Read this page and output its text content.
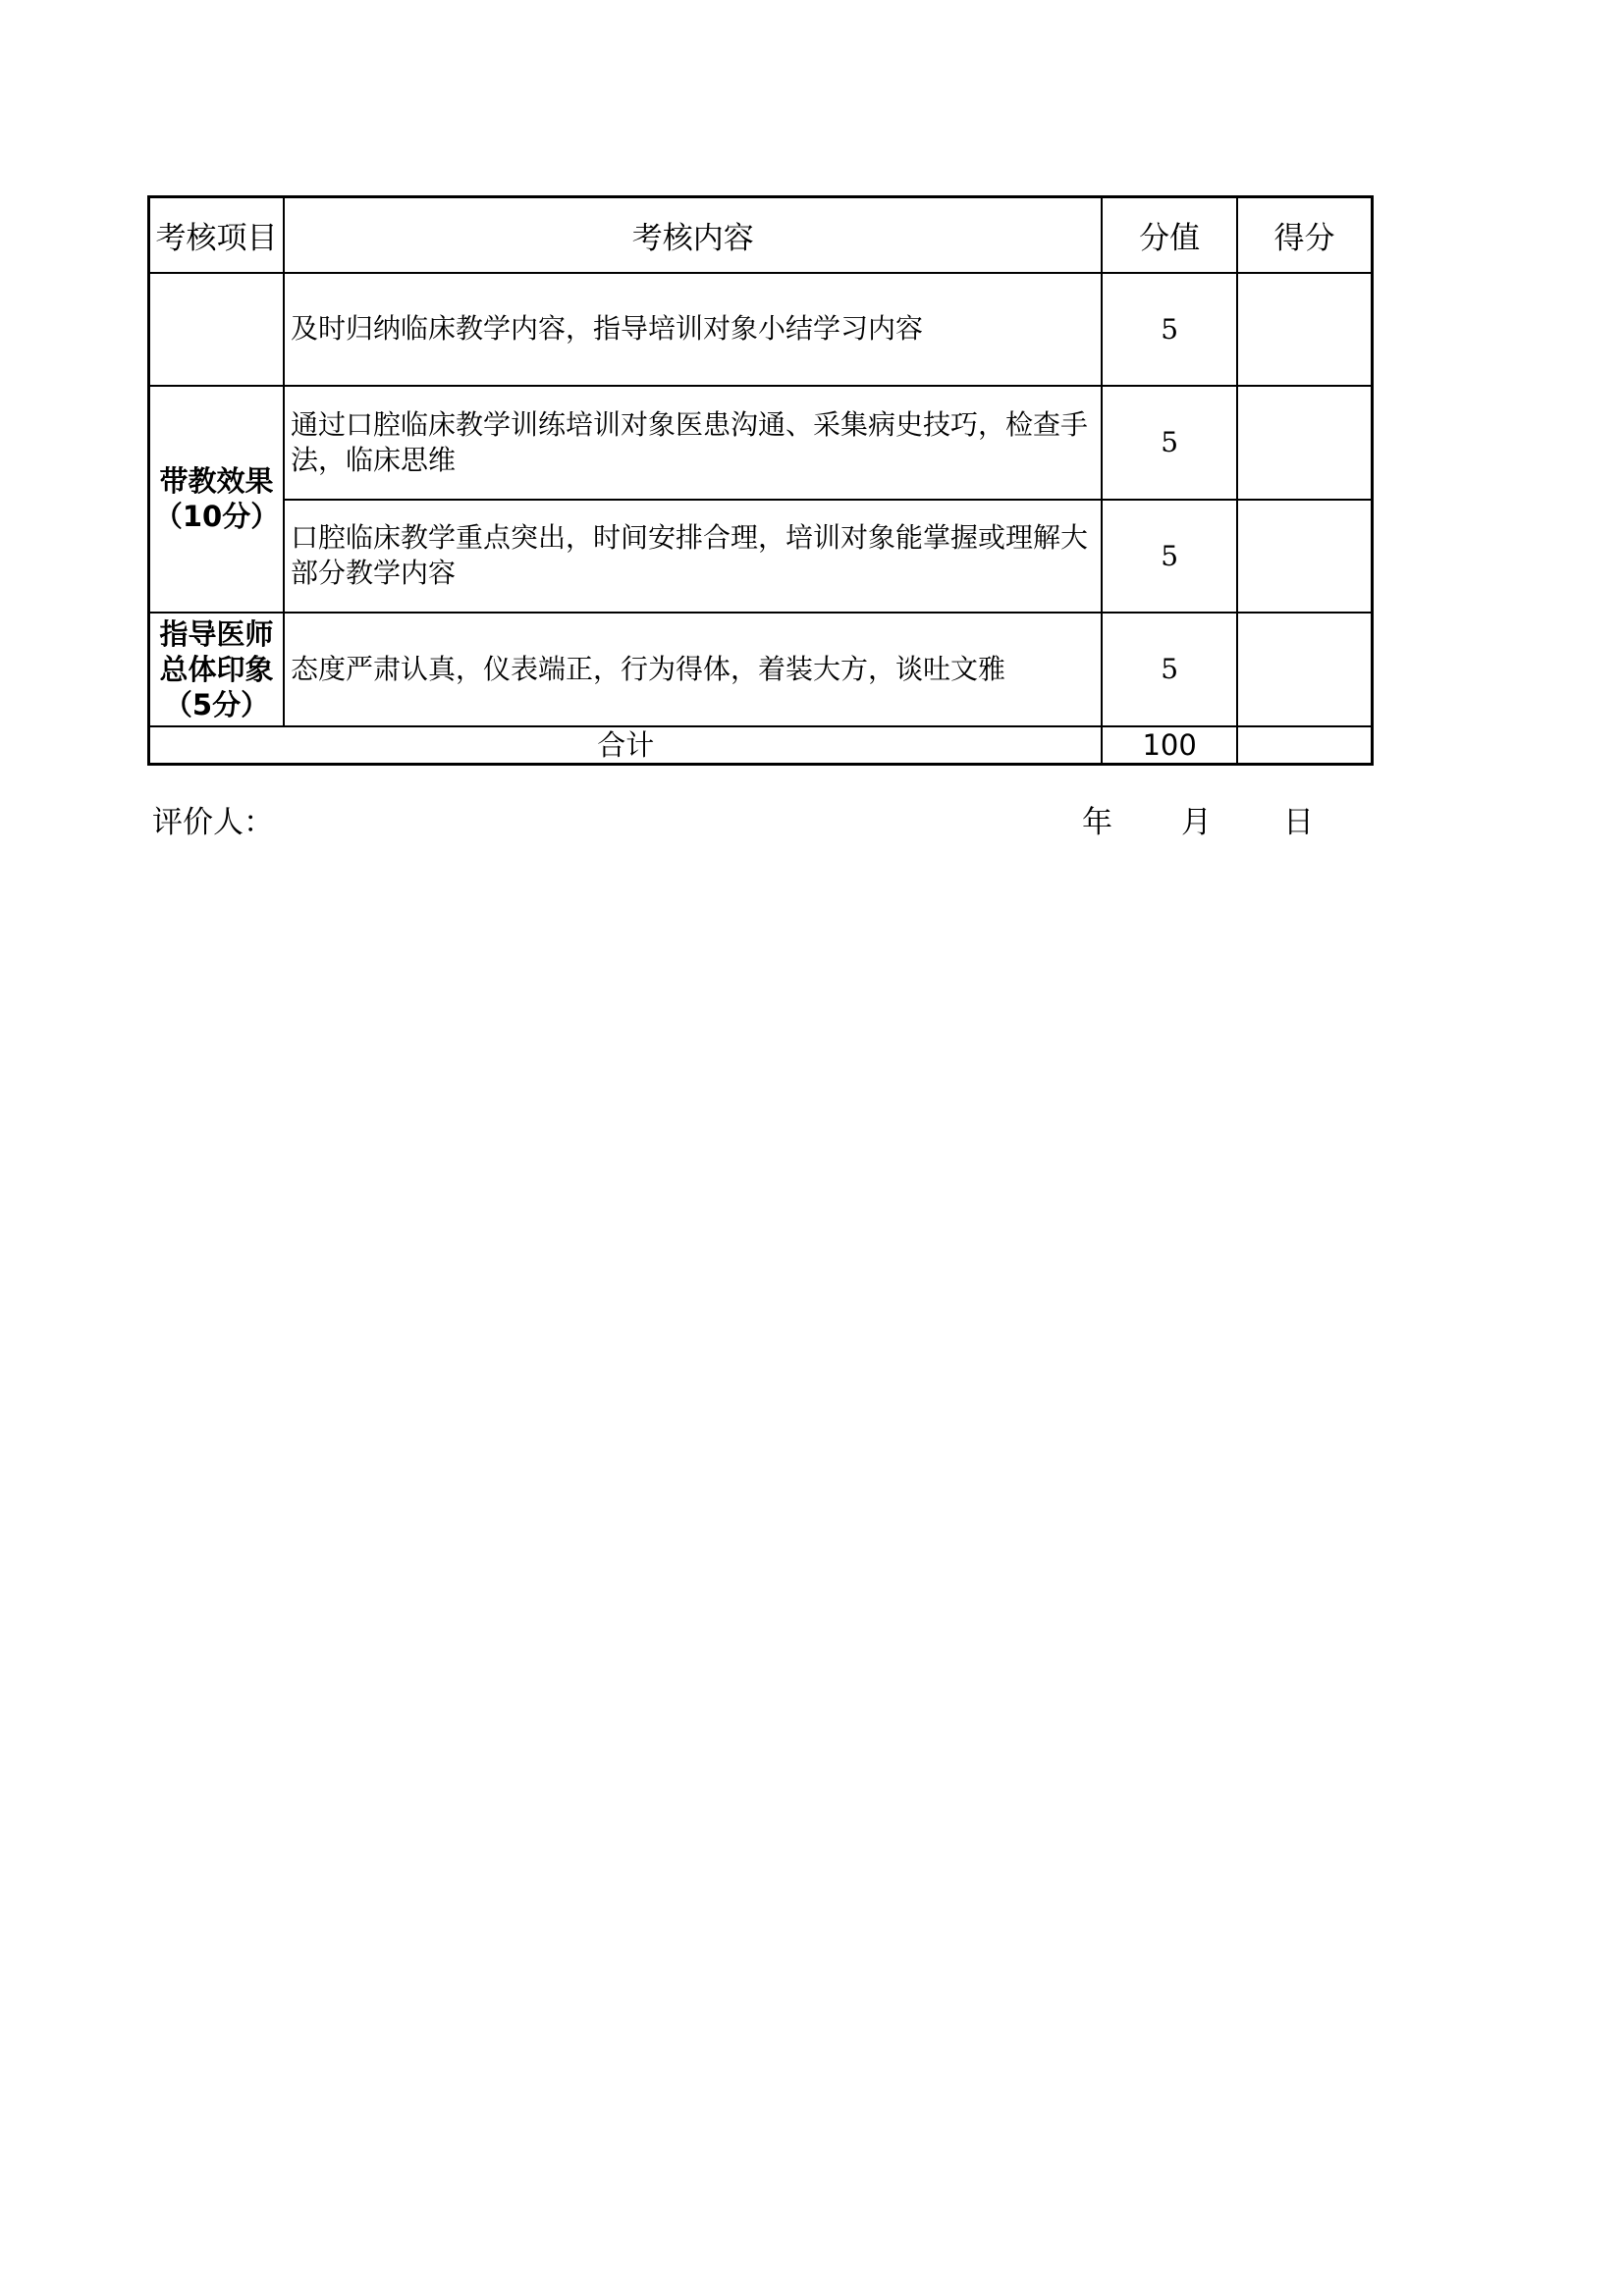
考核项目	考核内容	分值	得分
	及时归纳临床教学内容，指导培训对象小结学习内容	5	
带教效果
（10分）	通过口腔临床教学训练培训对象医患沟通、采集病史技巧，检查手法，临床思维	5	
	口腔临床教学重点突出，时间安排合理，培训对象能掌握或理解大部分教学内容	5	
指导医师
总体印象
（5分）	态度严肃认真，仪表端正，行为得体，着装大方，谈吐文雅	5	
合计		100	
评价人：	年 月 日
